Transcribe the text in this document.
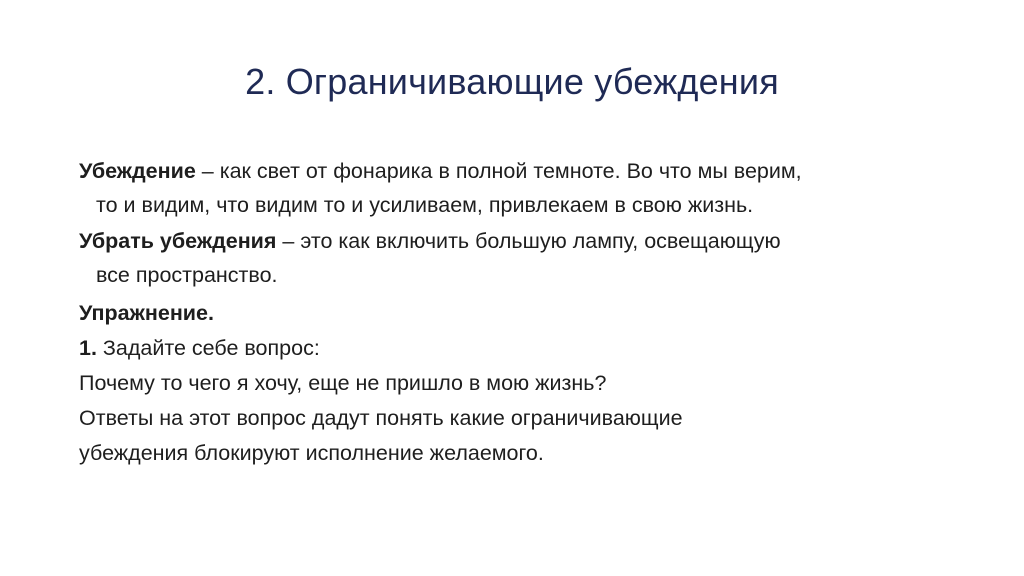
2. Ограничивающие убеждения
Убеждение – как свет от фонарика в полной темноте. Во что мы верим,
то и видим, что видим то и усиливаем, привлекаем в свою жизнь.
Убрать убеждения – это как включить большую лампу, освещающую
все пространство.
Упражнение.
1. Задайте себе вопрос:
Почему то чего я хочу, еще не пришло в мою жизнь?
Ответы на этот вопрос дадут понять какие ограничивающие
убеждения блокируют исполнение желаемого.
